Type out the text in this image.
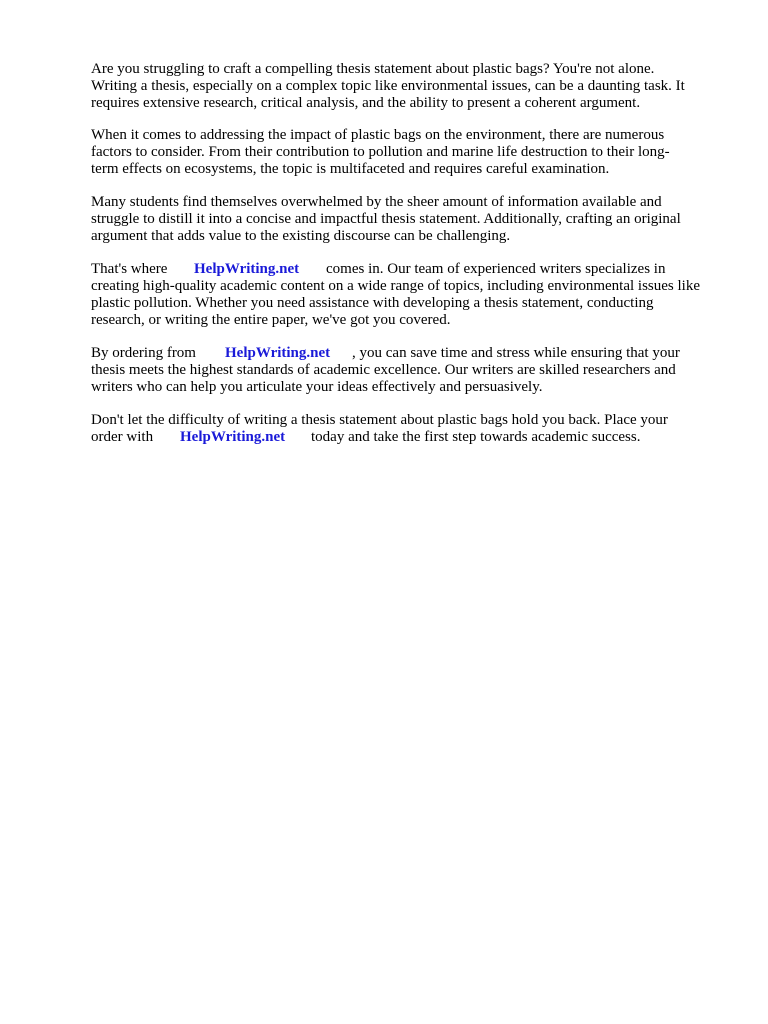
Are you struggling to craft a compelling thesis statement about plastic bags? You're not alone.
Writing a thesis, especially on a complex topic like environmental issues, can be a daunting task. It
requires extensive research, critical analysis, and the ability to present a coherent argument.
When it comes to addressing the impact of plastic bags on the environment, there are numerous
factors to consider. From their contribution to pollution and marine life destruction to their long-
term effects on ecosystems, the topic is multifaceted and requires careful examination.
Many students find themselves overwhelmed by the sheer amount of information available and
struggle to distill it into a concise and impactful thesis statement. Additionally, crafting an original
argument that adds value to the existing discourse can be challenging.
That's where HelpWriting.net comes in. Our team of experienced writers specializes in
creating high-quality academic content on a wide range of topics, including environmental issues like
plastic pollution. Whether you need assistance with developing a thesis statement, conducting
research, or writing the entire paper, we've got you covered.
By ordering from HelpWriting.net , you can save time and stress while ensuring that your
thesis meets the highest standards of academic excellence. Our writers are skilled researchers and
writers who can help you articulate your ideas effectively and persuasively.
Don't let the difficulty of writing a thesis statement about plastic bags hold you back. Place your
order with HelpWriting.net today and take the first step towards academic success.
